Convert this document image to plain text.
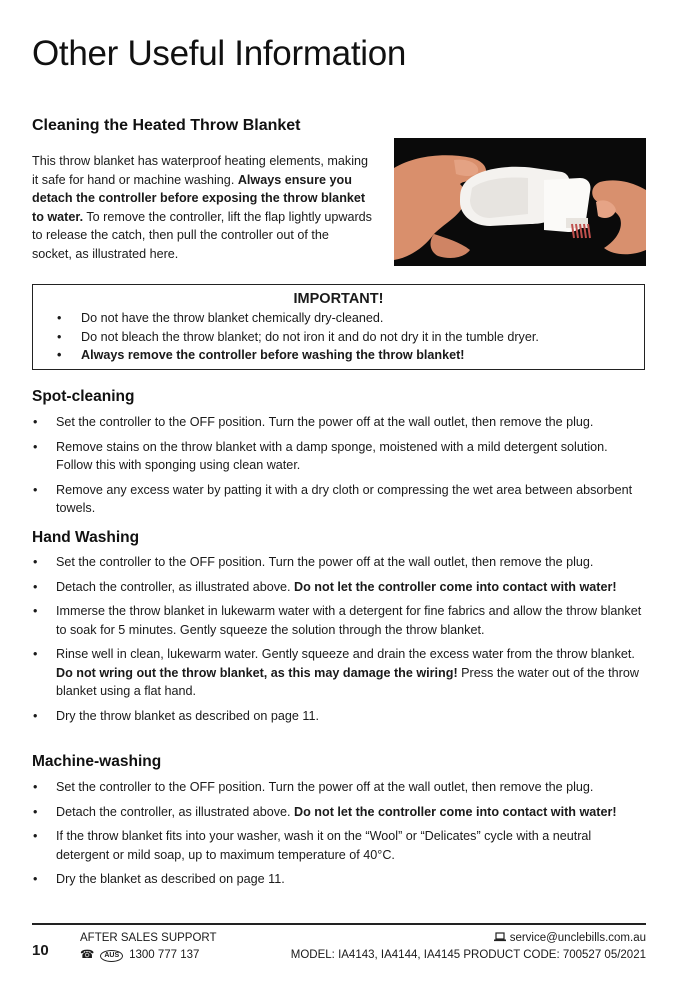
Other Useful Information
Cleaning the Heated Throw Blanket

This throw blanket has waterproof heating elements, making it safe for hand or machine washing. Always ensure you detach the controller before exposing the throw blanket to water. To remove the controller, lift the flap lightly upwards to release the catch, then pull the controller out of the socket, as illustrated here.

IMPORTANT!
• Do not have the throw blanket chemically dry-cleaned.
• Do not bleach the throw blanket; do not iron it and do not dry it in the tumble dryer.
• Always remove the controller before washing the throw blanket!
Spot-cleaning
• Set the controller to the OFF position. Turn the power off at the wall outlet, then remove the plug.
• Remove stains on the throw blanket with a damp sponge, moistened with a mild detergent solution. Follow this with sponging using clean water.
• Remove any excess water by patting it with a dry cloth or compressing the wet area between absorbent towels.
Hand Washing
• Set the controller to the OFF position. Turn the power off at the wall outlet, then remove the plug.
• Detach the controller, as illustrated above. Do not let the controller come into contact with water!
• Immerse the throw blanket in lukewarm water with a detergent for fine fabrics and allow the throw blanket to soak for 5 minutes. Gently squeeze the solution through the throw blanket.
• Rinse well in clean, lukewarm water. Gently squeeze and drain the excess water from the throw blanket. Do not wring out the throw blanket, as this may damage the wiring! Press the water out of the throw blanket using a flat hand.
• Dry the throw blanket as described on page 11.
Machine-washing
• Set the controller to the OFF position. Turn the power off at the wall outlet, then remove the plug.
• Detach the controller, as illustrated above. Do not let the controller come into contact with water!
• If the throw blanket fits into your washer, wash it on the “Wool” or “Delicates” cycle with a neutral detergent or mild soap, up to maximum temperature of 40°C.
• Dry the blanket as described on page 11.
10
AFTER SALES SUPPORT
☎	AUS 1300 777 137
service@unclebills.com.au
MODEL: IA4143, IA4144, IA4145 PRODUCT CODE: 700527 05/2021
